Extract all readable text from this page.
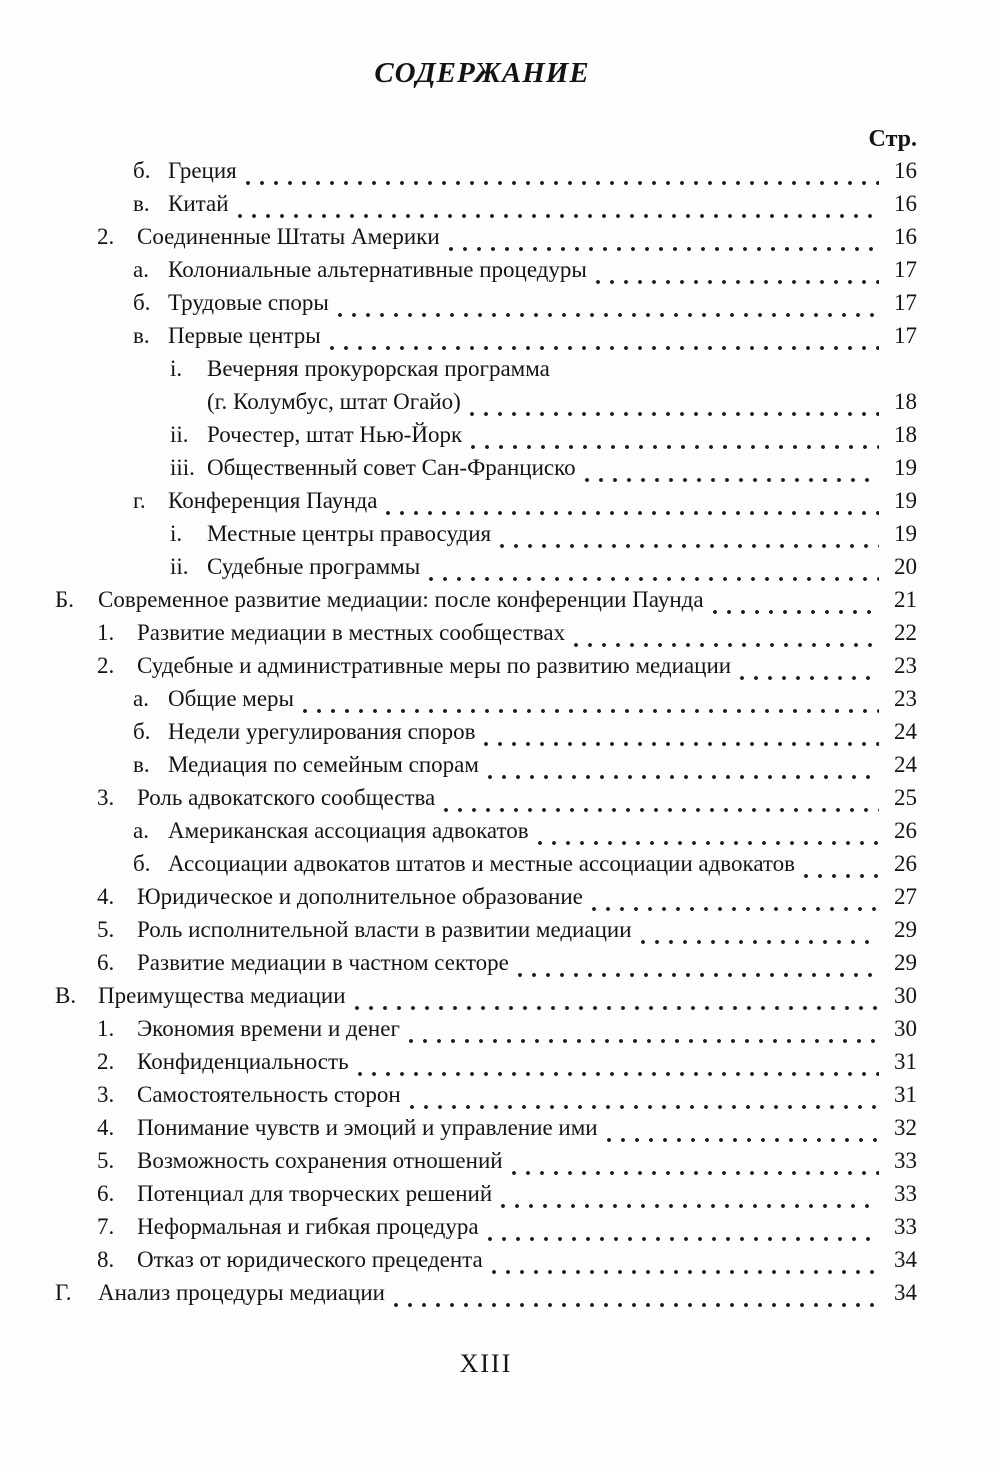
СОДЕРЖАНИЕ
Стр.
б. Греция	16
в. Китай	16
2. Соединенные Штаты Америки	16
а. Колониальные альтернативные процедуры	17
б. Трудовые споры	17
в. Первые центры	17
i.	Вечерняя прокурорская программа
(г. Колумбус, штат Огайо)	18
ii. Рочестер, штат Нью-Йорк	18
iii. Общественный совет Сан-Франциско	19
г. Конференция Паунда	19
i.	Местные центры правосудия	19
ii. Судебные программы	20
Б.	Современное развитие медиации: после конференции Паунда	21
1. Развитие медиации в местных сообществах	22
2. Судебные и административные меры по развитию медиации	23
а. Общие меры	23
б. Недели урегулирования споров	24
в. Медиация по семейным спорам	24
3. Роль адвокатского сообщества	25
а. Американская ассоциация адвокатов	26
б. Ассоциации адвокатов штатов и местные ассоциации адвокатов	26
4. Юридическое и дополнительное образование	27
5. Роль исполнительной власти в развитии медиации	29
6. Развитие медиации в частном секторе	29
В. Преимущества медиации	30
1. Экономия времени и денег	30
2. Конфиденциальность	31
3. Самостоятельность сторон	31
4. Понимание чувств и эмоций и управление ими	32
5. Возможность сохранения отношений	33
6. Потенциал для творческих решений	33
7. Неформальная и гибкая процедура	33
8. Отказ от юридического прецедента	34
Г.	Анализ процедуры медиации	34
XIII
